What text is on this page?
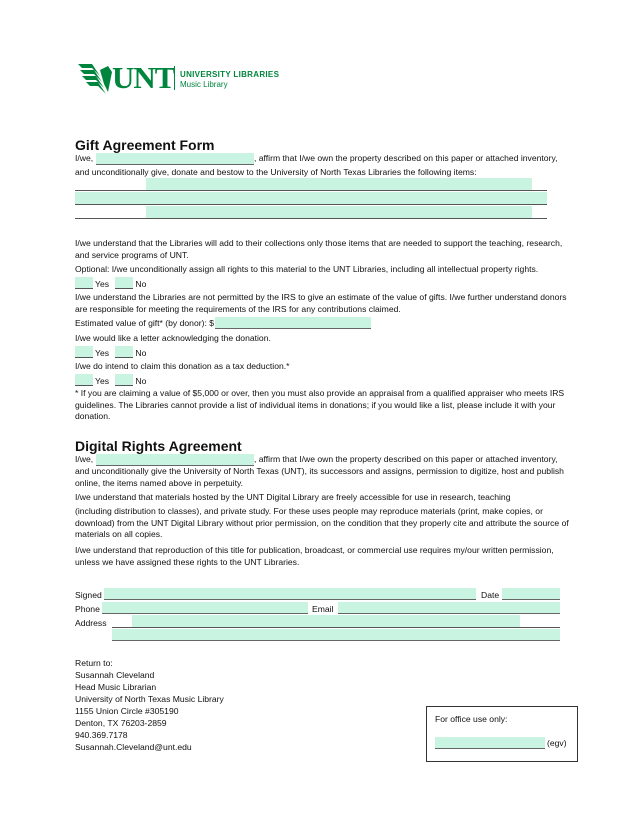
UNT UNIVERSITY LIBRARIES
Music Library
Gift Agreement Form
I/we,	, affirm that I/we own the property described on this paper or attached inventory,
and unconditionally give, donate and bestow to the University of North Texas Libraries the following items:
I/we understand that the Libraries will add to their collections only those items that are needed to support the teaching, research, and service programs of UNT.
Optional: I/we unconditionally assign all rights to this material to the UNT Libraries, including all intellectual property rights.
Yes	No
I/we understand the Libraries are not permitted by the IRS to give an estimate of the value of gifts. I/we further understand donors are responsible for meeting the requirements of the IRS for any contributions claimed.
Estimated value of gift* (by donor): $
I/we would like a letter acknowledging the donation.
Yes	No
I/we do intend to claim this donation as a tax deduction.*
Yes	No
* If you are claiming a value of $5,000 or over, then you must also provide an appraisal from a qualified appraiser who meets IRS guidelines. The Libraries cannot provide a list of individual items in donations; if you would like a list, please include it with your donation.
Digital Rights Agreement
I/we,	, affirm that I/we own the property described on this paper or attached inventory,
and unconditionally give the University of North Texas (UNT), its successors and assigns, permission to digitize, host and publish online, the items named above in perpetuity.
I/we understand that materials hosted by the UNT Digital Library are freely accessible for use in research, teaching
(including distribution to classes), and private study. For these uses people may reproduce materials (print, make copies, or download) from the UNT Digital Library without prior permission, on the condition that they properly cite and attribute the source of materials on all copies.
I/we understand that reproduction of this title for publication, broadcast, or commercial use requires my/our written permission, unless we have assigned these rights to the UNT Libraries.
Signed	Date
Phone	Email
Address
Return to:
Susannah Cleveland
Head Music Librarian
University of North Texas Music Library
1155 Union Circle #305190
Denton, TX 76203-2859
940.369.7178
Susannah.Cleveland@unt.edu
For office use only:
(egv)
